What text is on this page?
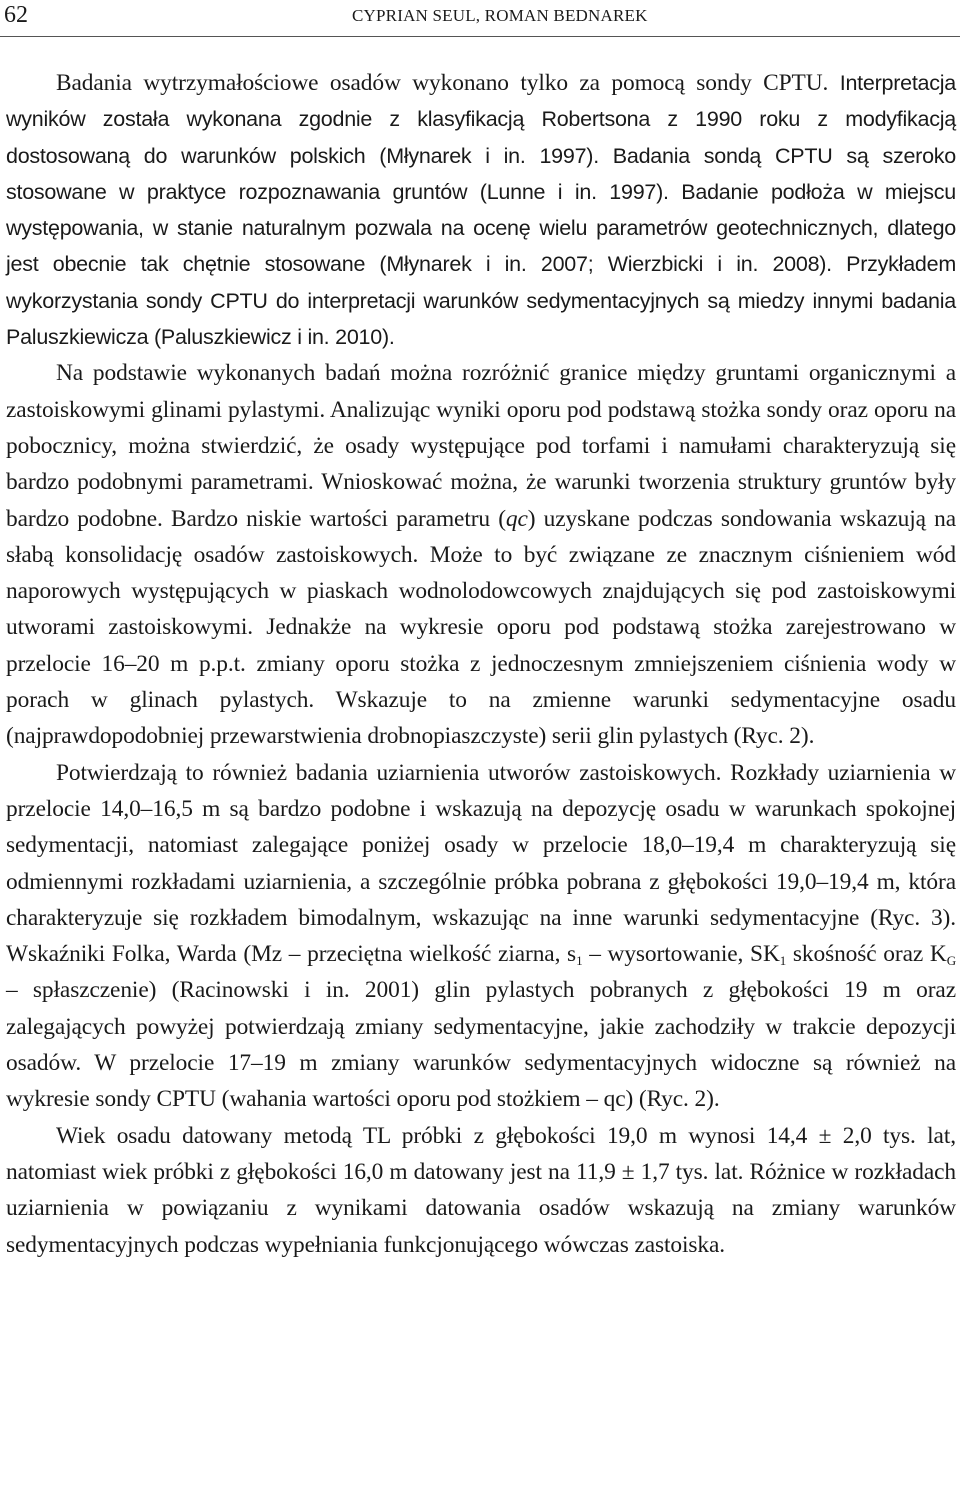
62	CYPRIAN SEUL, ROMAN BEDNAREK

Badania wytrzymałościowe osadów wykonano tylko za pomocą sondy CPTU. Interpretacja wyników została wykonana zgodnie z klasyfikacją Robertsona z 1990 roku z modyfikacją dostosowaną do warunków polskich (Młynarek i in. 1997). Badania sondą CPTU są szeroko stosowane w praktyce rozpoznawania gruntów (Lunne i in. 1997). Badanie podłoża w miejscu występowania, w stanie naturalnym pozwala na ocenę wielu parametrów geotechnicznych, dlatego jest obecnie tak chętnie stosowane (Młynarek i in. 2007; Wierzbicki i in. 2008). Przykładem wykorzystania sondy CPTU do interpretacji warunków sedymentacyjnych są miedzy innymi badania Paluszkiewicza (Paluszkiewicz i in. 2010).

Na podstawie wykonanych badań można rozróżnić granice między gruntami organicznymi a zastoiskowymi glinami pylastymi. Analizując wyniki oporu pod podstawą stożka sondy oraz oporu na pobocznicy, można stwierdzić, że osady występujące pod torfami i namułami charakteryzują się bardzo podobnymi parametrami. Wnioskować można, że warunki tworzenia struktury gruntów były bardzo podobne. Bardzo niskie wartości parametru (qc) uzyskane podczas sondowania wskazują na słabą konsolidację osadów zastoiskowych. Może to być związane ze znacznym ciśnieniem wód naporowych występujących w piaskach wodnolodowcowych znajdujących się pod zastoiskowymi utworami zastoiskowymi. Jednakże na wykresie oporu pod podstawą stożka zarejestrowano w przelocie 16–20 m p.p.t. zmiany oporu stożka z jednoczesnym zmniejszeniem ciśnienia wody w porach w glinach pylastych. Wskazuje to na zmienne warunki sedymentacyjne osadu (najprawdopodobniej przewarstwienia drobnopiaszczyste) serii glin pylastych (Ryc. 2).

Potwierdzają to również badania uziarnienia utworów zastoiskowych. Rozkłady uziarnienia w przelocie 14,0–16,5 m są bardzo podobne i wskazują na depozycję osadu w warunkach spokojnej sedymentacji, natomiast zalegające poniżej osady w przelocie 18,0–19,4 m charakteryzują się odmiennymi rozkładami uziarnienia, a szczególnie próbka pobrana z głębokości 19,0–19,4 m, która charakteryzuje się rozkładem bimodalnym, wskazując na inne warunki sedymentacyjne (Ryc. 3). Wskaźniki Folka, Warda (Mz – przeciętna wielkość ziarna, $s_1$ – wysortowanie, $SK_1$ skośność oraz $K_G$ – spłaszczenie) (Racinowski i in. 2001) glin pylastych pobranych z głębokości 19 m oraz zalegających powyżej potwierdzają zmiany sedymentacyjne, jakie zachodziły w trakcie depozycji osadów. W przelocie 17–19 m zmiany warunków sedymentacyjnych widoczne są również na wykresie sondy CPTU (wahania wartości oporu pod stożkiem – qc) (Ryc. 2).

Wiek osadu datowany metodą TL próbki z głębokości 19,0 m wynosi 14,4 ± 2,0 tys. lat, natomiast wiek próbki z głębokości 16,0 m datowany jest na 11,9 ± 1,7 tys. lat. Różnice w rozkładach uziarnienia w powiązaniu z wynikami datowania osadów wskazują na zmiany warunków sedymentacyjnych podczas wypełniania funkcjonującego wówczas zastoiska.
